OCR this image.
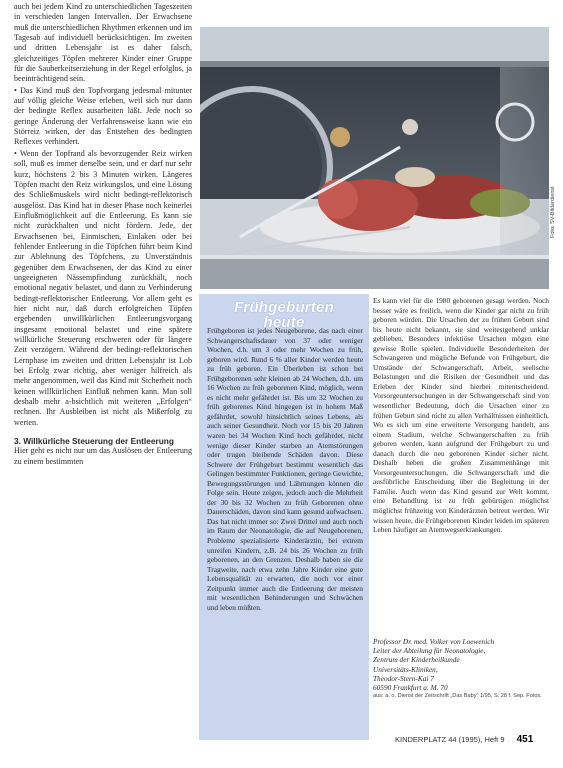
auch bei jedem Kind zu unterschiedlichen Tageszeiten in verschieden langen Intervallen. Der Erwachsene muß die unterschiedlichen Rhythmen erkennen und im Tagesab auf individuell berücksichtigen. Im zweiten und dritten Lebensjahr ist es daher falsch, gleichzeitiges Töpfen mehrerer Kinder einer Gruppe für die Sauberkeitserziehung in der Regel erfolglos, ja beeinträchtigend sein.

• Das Kind muß den Topfvorgang jedesmal mitunter auf völlig gleiche Weise erleben, weil sich nur dann der bedingte Reflex ausarbeiten läßt. Jede noch so geringe Änderung der Verfahrensweise kann wie ein Störreiz wirken, der das Entstehen des bedingten Reflexes verhindert.

• Wenn der Topfrand als bevorzugender Reiz wirken soll, muß es immer derselbe sein, und er darf nur sehr kurz, höchstens 2 bis 3 Minuten wirken. Längeres Töpfen macht den Reiz wirkungslos, und eine Lösung des Schließmuskels wird nicht bedingt-reflektorisch ausgelöst. Das Kind hat in dieser Phase noch keinerlei Einflußmöglichkeit auf die Entleerung. Es kann sie nicht zurückhalten und nicht fördern. Jede, der Erwachsenen bei, Einmischen, Einlaken oder bei fehlender Entleerung in die Töpfchen führt beim Kind zur Ablehnung des Töpfchens, zu Unverständnis gegenüber dem Erwachsenen, der das Kind zu einer ungeeigneten Nässempfindung zurückhält, noch emotional negativ belastet, und dann zu Verhinderung bedingt-reflektorischer Entleerung. Vor allem geht es hier nicht nur, daß durch erfolgreichen Töpfen ergebenden unwillkürlichen Entleerungsvorgang insgesamt emotional belastet und eine spätere willkürliche Steuerung erschweren oder für längere Zeit verzögern. Während der bedingt-reflektorischen Lernphase im zweiten und dritten Lebensjahr ist Lob bei Erfolg zwar richtig, aber weniger hilfreich als mehr angenommen, weil das Kind mit Sicherheit noch keinen willkürlichen Einfluß nehmen kann. Man soll deshalb mehr a-bsichtlich mit weiteren „Erfolgen“ rechnen. Ihr Ausbleiben ist nicht als Mißerfolg zu werten.

3. Willkürliche Steuerung der Entleerung

Hier geht es nicht nur um das Auslösen der Entleerung zu einem bestimmten

Foto: SV-Bilderdienst
Frühgeburten
heute
Frühgeboren ist jedes Neugeborene, das nach einer Schwangerschaftsdauer von 37 oder weniger Wochen, d.h. um 3 oder mehr Wochen zu früh, geboren wird. Rund 6 % aller Kinder werden heute zu früh geboren. Ein Überleben ist schon bei Frühgeborenen sehr kleinen ab 24 Wochen, d.h. um 16 Wochen zu früh geborenen Kind, möglich, wenn es nicht mehr gefährdet ist. Bis um 32 Wochen zu früh geborenes Kind hingegen ist in hohem Maß gefährdet, sowohl hinsichtlich seines Lebens, als auch seiner Gesundheit. Noch vor 15 bis 20 Jahren waren bei 34 Wochen Kind hoch gefährdet, nicht wenige dieser Kinder starben an Atemstörungen oder trugen bleibende Schäden davon. Diese Schwere der Frühgeburt bestimmt wesentlich das Gelingen bestimmter Funktionen, geringe Gewichte, Bewegungsstörungen und Lähmungen können die Folge sein. Heute zeigen, jedoch auch die Mehrheit der 30 bis 32 Wochen zu früh Geborenen ohne Dauerschäden, davon sind kann gesund aufwachsen. Das hat nicht immer so: Zwei Drittel und auch noch im Raum der Neonatologie, die auf Neugeborenen, Probleme spezialisierte Kinderärztin, bei extrem unreifen Kindern, z.B. 24 bis 26 Wochen zu früh geborenen, an den Grenzen. Deshalb haben sie die Tragweite, nach etwa zehn Jahre Kinder eine gute Lebensqualität zu erwarten, die noch vor einer Zeitpunkt immer auch die Entleerung der meisten mit wesentlichen Behinderungen und Schwächen und leben müßten.

Es kann viel für die 1980 geborenen gesagt werden. Noch besser wäre es freilich, wenn die Kinder gar nicht zu früh geboren würden. Die Ursachen der zu frühen Geburt sind bis heute nicht bekannt, sie sind weitestgehend unklar geblieben. Besonders infektiöse Ursachen mögen eine gewisse Rolle spielen. Individuelle Besonderheiten der Schwangeren und mögliche Befunde von Frühgeburt, die Umstände der Schwangerschaft, Arbeit, seelische Belastungen und die Risiken der Gesundheit und das Erleben der Kinder sind hierbei mitentscheidend. Vorsorgeuntersuchungen in der Schwangerschaft sind von wesentlicher Bedeutung, doch die Ursachen einer zu frühen Geburt sind nicht zu allen Verhältnissen einheitlich. Wo es sich um eine erweiterte Versorgung handelt, aus einem Stadium, welche Schwangerschaften zu früh geboren werden, kann aufgrund der Frühgeburt zu und danach durch die neu geborenen Kinder sicher nicht. Deshalb heben die großen Zusammenhänge mit Vorsorgeuntersuchungen, die Schwangerschaft und die ausführliche Entscheidung über die Begleitung in der Familie. Auch wenn das Kind gesund zur Welt kommt, eine Behandlung ist zu früh gebürtigen möglichst möglichst frühzeitig von Kinderärzten betreut werden. Wir wissen heute, die Frühgeborenen Kinder leiden im späteren Leben häufiger an Atemwegserkrankungen.

Professor Dr. med. Volker von Loewenich
Leiter der Abteilung für Neonatologie,
Zentrum der Kinderheilkunde
Universitäts-Kliniken,
Theodor-Stern-Kai 7
60590 Frankfurt a. M. 70
aus: a. o. Dienst der Zeitschrift „Das Baby“ 1/95, S. 28 f. Sep. Fotos.
KINDERPLATZ 44 (1995), Heft 9 451
